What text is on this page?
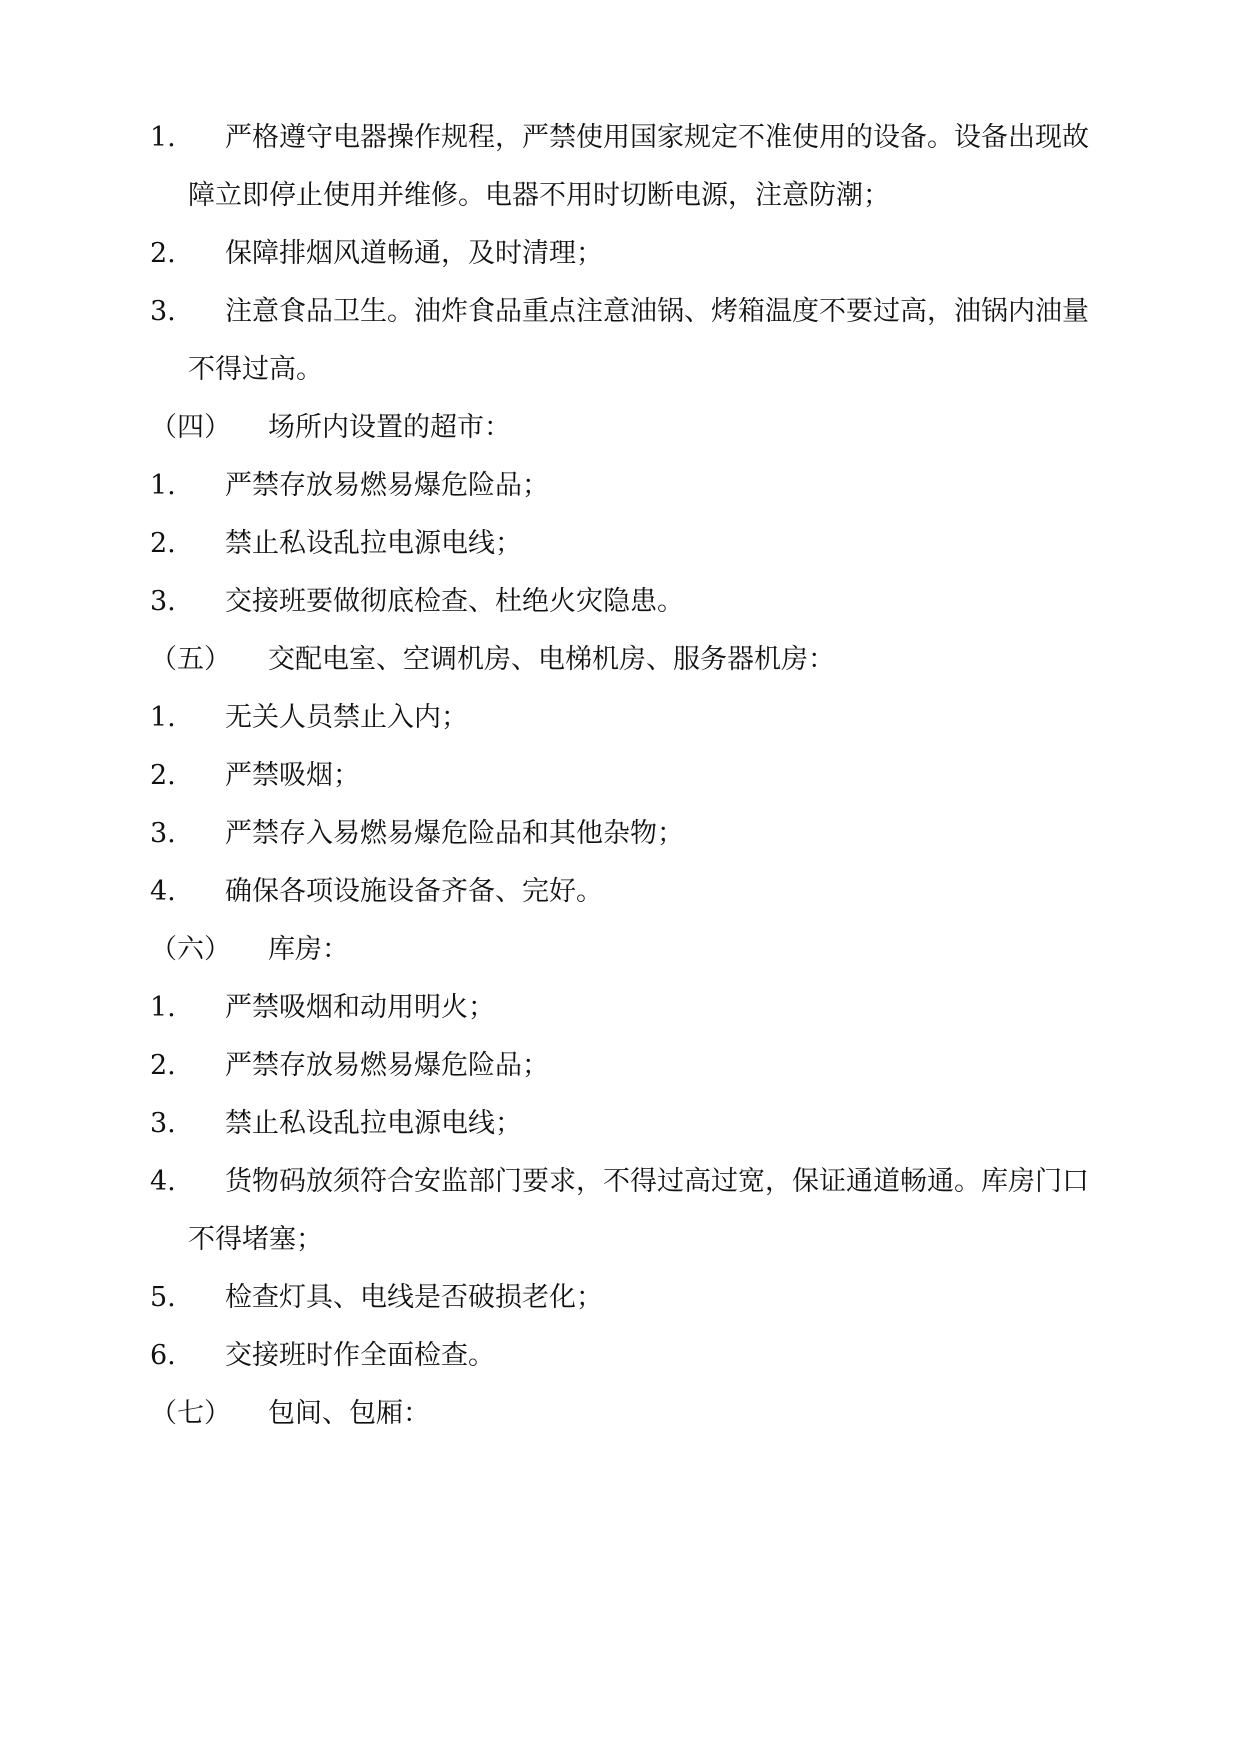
1. 严格遵守电器操作规程，严禁使用国家规定不准使用的设备。设备出现故
障立即停止使用并维修。电器不用时切断电源，注意防潮；
2. 保障排烟风道畅通，及时清理；
3. 注意食品卫生。油炸食品重点注意油锅、烤箱温度不要过高，油锅内油量
不得过高。
（四） 场所内设置的超市：
1. 严禁存放易燃易爆危险品；
2. 禁止私设乱拉电源电线；
3. 交接班要做彻底检查、杜绝火灾隐患。
（五） 交配电室、空调机房、电梯机房、服务器机房：
1. 无关人员禁止入内；
2. 严禁吸烟；
3. 严禁存入易燃易爆危险品和其他杂物；
4. 确保各项设施设备齐备、完好。
（六） 库房：
1. 严禁吸烟和动用明火；
2. 严禁存放易燃易爆危险品；
3. 禁止私设乱拉电源电线；
4. 货物码放须符合安监部门要求，不得过高过宽，保证通道畅通。库房门口
不得堵塞；
5. 检查灯具、电线是否破损老化；
6. 交接班时作全面检查。
（七） 包间、包厢：
